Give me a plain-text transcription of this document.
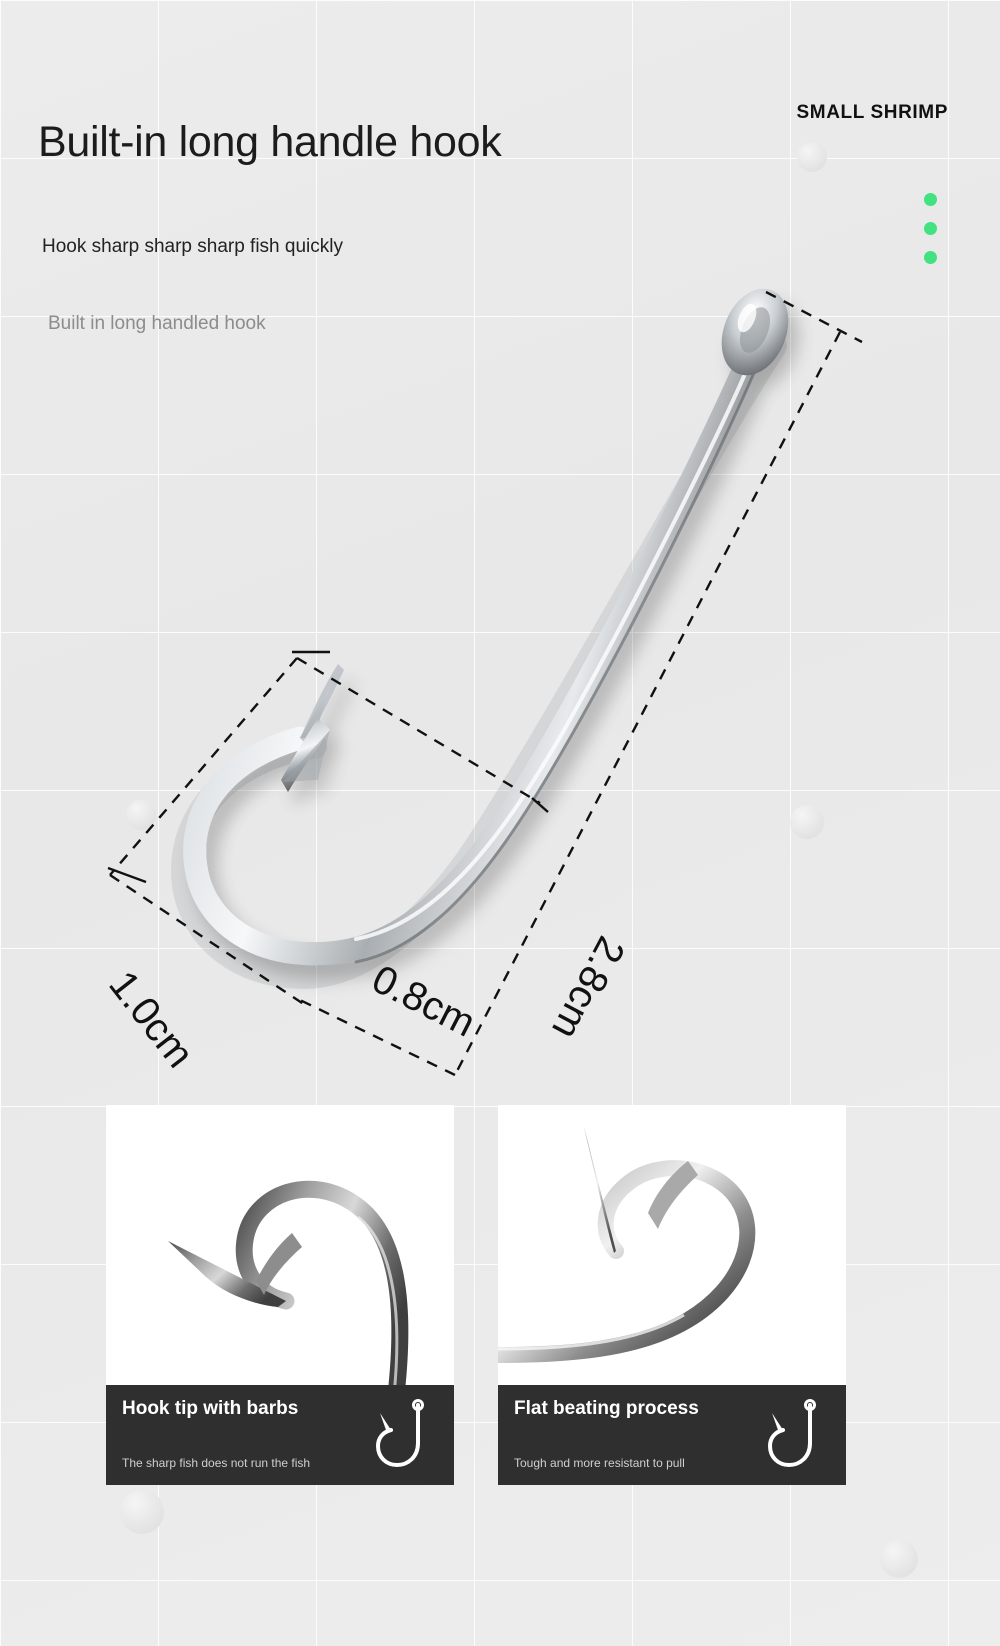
Built-in long handle hook
Hook sharp sharp sharp fish quickly
Built in long handled hook
SMALL SHRIMP
0.8cm
1.0cm	2.8cm
Hook tip with barbs
The sharp fish does not run the fish
Flat beating process
Tough and more resistant to pull
